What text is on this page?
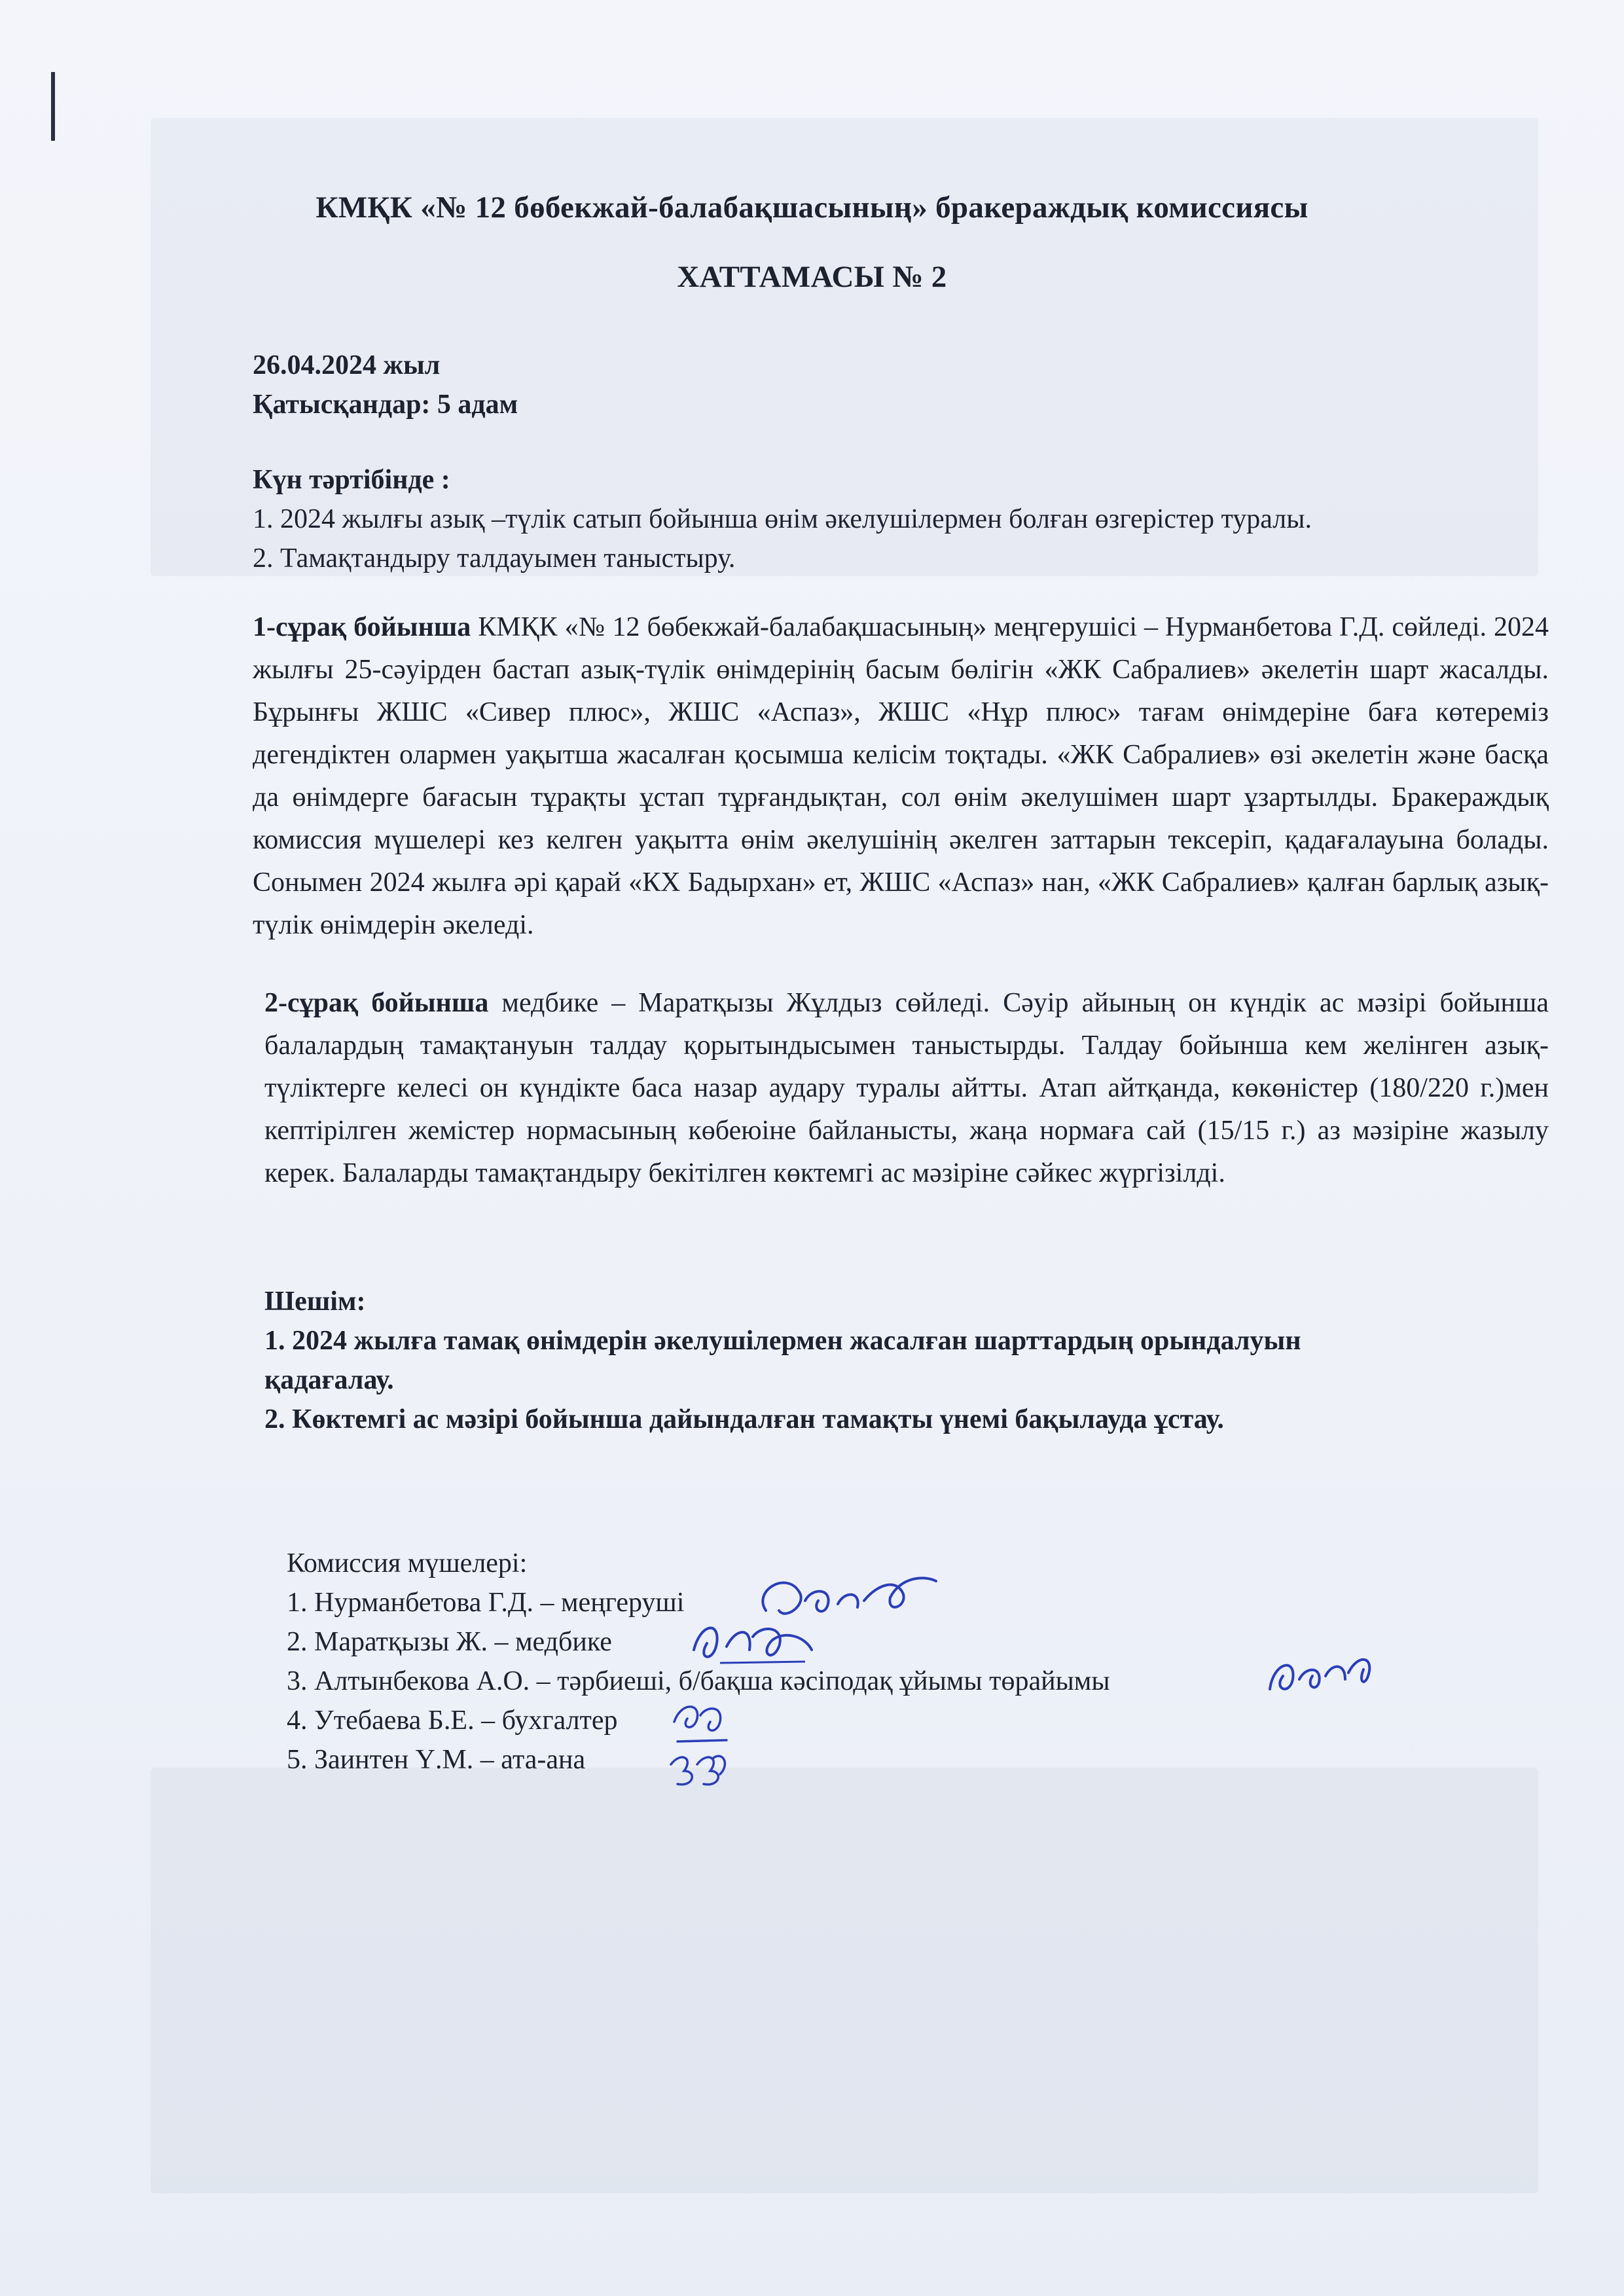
КМҚК «№ 12 бөбекжай-балабақшасының» бракераждық комиссиясы
ХАТТАМАСЫ № 2
26.04.2024 жыл
Қатысқандар: 5 адам
Күн тәртібінде :
1. 2024 жылғы азық –түлік сатып бойынша өнім әкелушілермен болған өзгерістер туралы.
2. Тамақтандыру талдауымен таныстыру.
1-сұрақ бойынша КМҚК «№ 12 бөбекжай-балабақшасының» меңгерушісі – Нурманбетова Г.Д. сөйледі. 2024 жылғы 25-сәуірден бастап азық-түлік өнімдерінің басым бөлігін «ЖК Сабралиев» әкелетін шарт жасалды. Бұрынғы ЖШС «Сивер плюс», ЖШС «Аспаз», ЖШС «Нұр плюс» тағам өнімдеріне баға көтереміз дегендіктен олармен уақытша жасалған қосымша келісім тоқтады. «ЖК Сабралиев» өзі әкелетін және басқа да өнімдерге бағасын тұрақты ұстап тұрғандықтан, сол өнім әкелушімен шарт ұзартылды. Бракераждық комиссия мүшелері кез келген уақытта өнім әкелушінің әкелген заттарын тексеріп, қадағалауына болады. Сонымен 2024 жылға әрі қарай «КХ Бадырхан» ет, ЖШС «Аспаз» нан, «ЖК Сабралиев» қалған барлық азық-түлік өнімдерін әкеледі.
2-сұрақ бойынша медбике – Маратқызы Жұлдыз сөйледі. Сәуір айының он күндік ас мәзірі бойынша балалардың тамақтануын талдау қорытындысымен таныстырды. Талдау бойынша кем желінген азық-түліктерге келесі он күндікте баса назар аудару туралы айтты. Атап айтқанда, көкөністер (180/220 г.)мен кептірілген жемістер нормасының көбеюіне байланысты, жаңа нормаға сай (15/15 г.) аз мәзіріне жазылу керек. Балаларды тамақтандыру бекітілген көктемгі ас мәзіріне сәйкес жүргізілді.
Шешім:
1. 2024 жылға тамақ өнімдерін әкелушілермен жасалған шарттардың орындалуын
қадағалау.
2. Көктемгі ас мәзірі бойынша дайындалған тамақты үнемі бақылауда ұстау.
Комиссия мүшелері:
1. Нурманбетова Г.Д. – меңгеруші
2. Маратқызы Ж. – медбике
3. Алтынбекова А.О. – тәрбиеші, б/бақша кәсіподақ ұйымы төрайымы
4. Утебаева Б.Е. – бухгалтер
5. Заинтен Ү.М. – ата-ана
